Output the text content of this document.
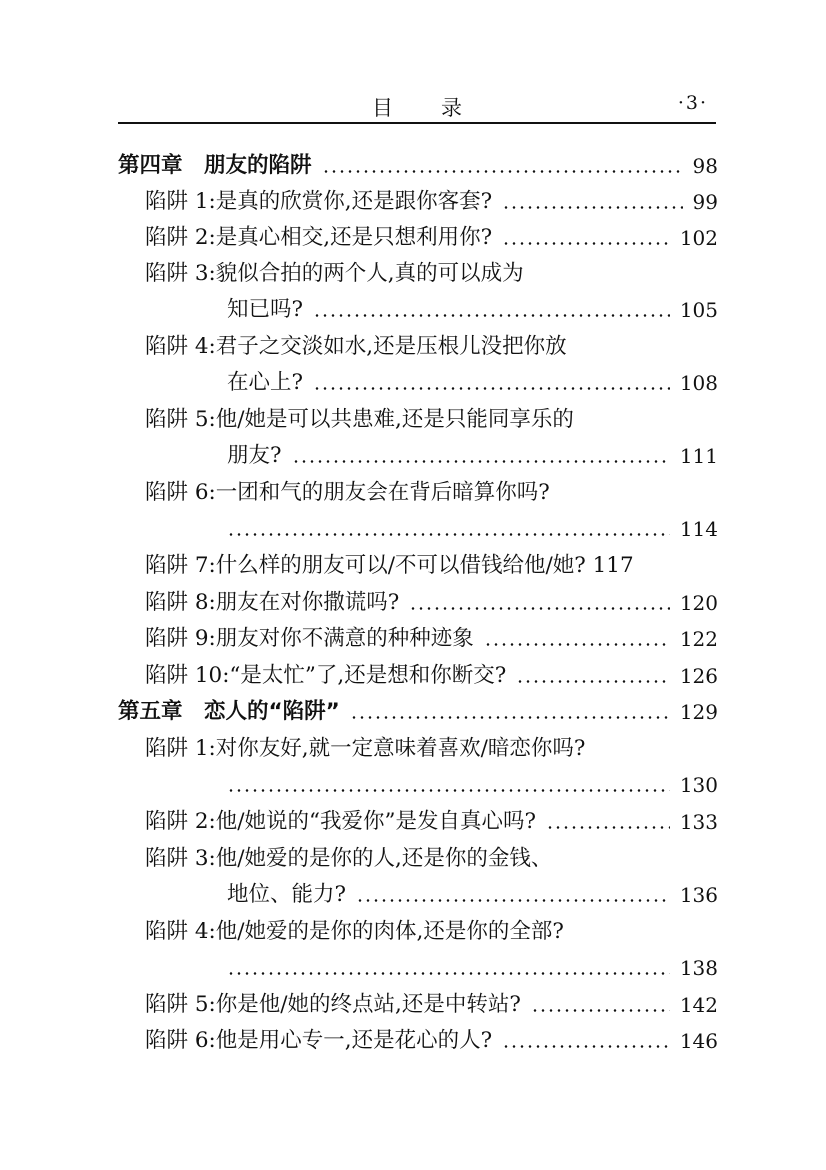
目录	·3·
第四章　朋友的陷阱	98
陷阱 1:是真的欣赏你,还是跟你客套?	99
陷阱 2:是真心相交,还是只想利用你?	102
陷阱 3:貌似合拍的两个人,真的可以成为
知已吗?	105
陷阱 4:君子之交淡如水,还是压根儿没把你放
在心上?	108
陷阱 5:他/她是可以共患难,还是只能同享乐的
朋友?	111
陷阱 6:一团和气的朋友会在背后暗算你吗?
114
陷阱 7:什么样的朋友可以/不可以借钱给他/她? 117
陷阱 8:朋友在对你撒谎吗?	120
陷阱 9:朋友对你不满意的种种迹象	122
陷阱 10:“是太忙”了,还是想和你断交?	126
第五章　恋人的“陷阱”	129
陷阱 1:对你友好,就一定意味着喜欢/暗恋你吗?
130
陷阱 2:他/她说的“我爱你”是发自真心吗?	133
陷阱 3:他/她爱的是你的人,还是你的金钱、
地位、能力?	136
陷阱 4:他/她爱的是你的肉体,还是你的全部?
138
陷阱 5:你是他/她的终点站,还是中转站?	142
陷阱 6:他是用心专一,还是花心的人?	146
